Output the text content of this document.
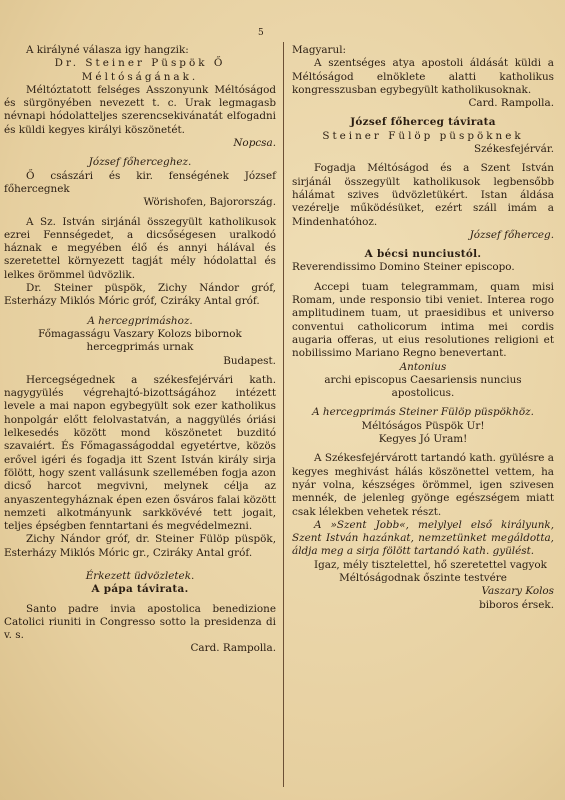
5

A királyné válasza igy hangzik:

Dr. Steiner Püspök Ő Méltóságának.

Méltóztatott felséges Asszonyunk Méltóságod és sürgönyében nevezett t. c. Urak legmagasb névnapi hódolatteljes szerencsekivánatát elfogadni és küldi kegyes királyi köszönetét.

Nopcsa.

József főherceghez.

Ő császári és kir. fenségének József főhercegnek

Wörishofen, Bajorország.

A Sz. István sirjánál összegyült katholikusok ezrei Fennségedet, a dicsőségesen uralkodó háznak e megyében élő és annyi hálával és szeretettel környezett tagját mély hódolattal és lelkes örömmel üdvözlik.

Dr. Steiner püspök, Zichy Nándor gróf, Esterházy Miklós Móric gróf, Cziráky Antal gróf.

A hercegprimáshoz.

Főmagasságu Vaszary Kolozs bibornok hercegprimás urnak

Budapest.

Hercegségednek a székesfejérvári kath. nagygyülés végrehajtó-bizottságához intézett levele a mai napon egybegyült sok ezer katholikus honpolgár előtt felolvastatván, a naggyülés óriási lelkesedés között mond köszönetet buzditó szavaiért. És Főmagasságoddal egyetértve, közös erővel igéri és fogadja itt Szent István király sirja fölött, hogy szent vallásunk szellemében fogja azon dicső harcot megvivni, melynek célja az anyaszentegyháznak épen ezen ősváros falai között nemzeti alkotmányunk sarkkövévé tett jogait, teljes épségben fenntartani és megvédelmezni.

Zichy Nándor gróf, dr. Steiner Fülöp püspök, Esterházy Miklós Móric gr., Cziráky Antal gróf.

Érkezett üdvözletek.

A pápa távirata.

Santo padre invia apostolica benedizione Catolici riuniti in Congresso sotto la presidenza di v. s.

Card. Rampolla.

Magyarul:

A szentséges atya apostoli áldását küldi a Méltóságod elnöklete alatti katholikus kongresszusban egybegyült katholikusoknak.

Card. Rampolla.

József főherceg távirata

Steiner Fülöp püspöknek

Székesfejérvár.

Fogadja Méltóságod és a Szent István sirjánál összegyült katholikusok legbensőbb hálámat szives üdvözletükért. Istan áldása vezérelje működésüket, ezért száll imám a Mindenhatóhoz.

József főherceg.

A bécsi nunciustól.

Reverendissimo Domino Steiner episcopo.

Accepi tuam telegrammam, quam misi Romam, unde responsio tibi veniet. Interea rogo amplitudinem tuam, ut praesidibus et universo conventui catholicorum intima mei cordis augaria offeras, ut eius resolutiones religioni et nobilissimo Mariano Regno benevertant.

Antonius

archi episcopus Caesariensis nuncius apostolicus.

A hercegprimás Steiner Fülöp püspökhöz.

Méltóságos Püspök Ur!

Kegyes Jó Uram!

A Székesfejérvárott tartandó kath. gyülésre a kegyes meghivást hálás köszönettel vettem, ha nyár volna, készséges örömmel, igen szivesen mennék, de jelenleg gyönge egészségem miatt csak lélekben vehetek részt.

A »Szent Jobb«, melylyel első királyunk, Szent István hazánkat, nemzetünket megáldotta, áldja meg a sirja fölött tartandó kath. gyülést.

Igaz, mély tisztelettel, hő szeretettel vagyok

Méltóságodnak őszinte testvére

Vaszary Kolos

biboros érsek.
